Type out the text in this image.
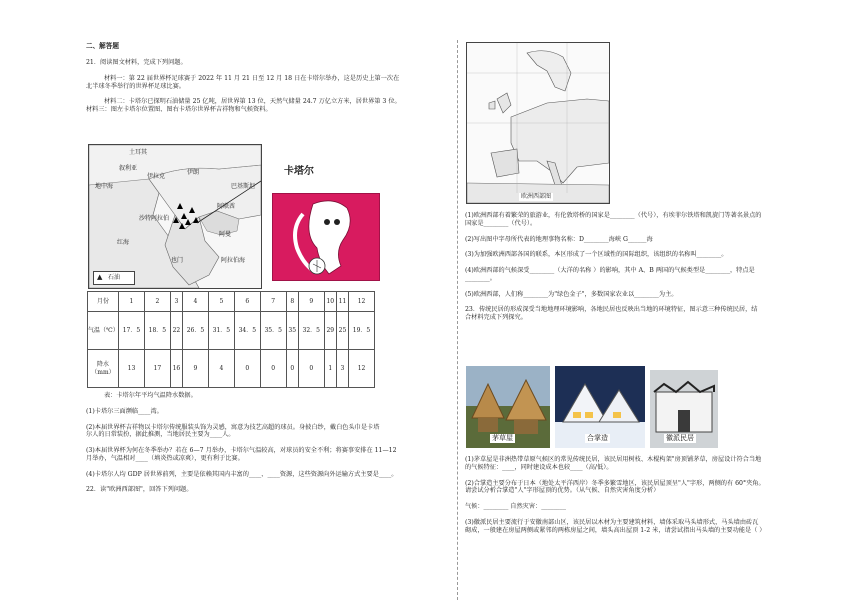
二、解答题

21．阅读图文材料，完成下列问题。

材料一：第 22 届世界杯足球赛于 2022 年 11 月 21 日至 12 月 18 日在卡塔尔举办，这是历史上第一次在

北半球冬季举行的世界杯足球比赛。

材料二：卡塔尔已探明石油储量 25 亿吨，居世界第 13 位，天然气储量 24.7 万亿立方米，居世界第 3 位。

材料三：图左卡塔尔位置图、图右卡塔尔世界杯吉祥物和气候资料。

土耳其
叙利亚
伊拉克
伊朗
地中海
沙特阿拉伯
阿联酋
阿曼
也门
红海
阿拉伯海
巴基斯坦
▲ 石油
卡塔尔
月份	1	2	3	4	5	6	7	8	9	10	11	12
气温（℃）	17．5	18．5	22	26．5	31．5	34．5	35．5	35	32．5	29	25	19．5
降水（mm）	13	17	16	9	4	0	0	0	0	1	3	12

表：卡塔尔年平均气温降水数据。

(1)卡塔尔三面濒临____湾。

(2)本届世界杯吉祥物以卡塔尔传统服装头饰为灵感，寓意为技艺高超的球员。身披白纱，戴白色头巾是卡塔

尔人的日常装扮，据此推测，当地居民主要为____人。

(3)本届世界杯为何在冬季举办？若在 6—7 月举办，卡塔尔气温较高，对球员的安全不利；将赛事安排在 11—12

月举办，气温相对____（填炎热或凉爽），更有利于比赛。

(4)卡塔尔人均 GDP 居世界前列，主要是依赖其国内丰富的____、____资源，这些资源向外运输方式主要是____。

22．读"欧洲西部图"，回答下列问题。

欧洲西部图

(1)欧洲西部有着繁荣的旅游业，有伦敦塔桥的国家是________（代号），有埃菲尔铁塔和凯旋门等著名景点的

国家是________（代号）。

(2)写出图中字母所代表的地理事物名称：D________海峡 G______海

(3)为加强欧洲西部各国的联系，本区形成了一个区域性的国际组织，该组织的名称叫________。

(4)欧洲西部的气候深受________（大洋的名称 ）的影响，其中 A、B 两国的气候类型是________，特点是

________。

(5)欧洲西部，人们称________为"绿色金子"，多数国家农业以________为主。

23．传统民居的形成深受当地地理环境影响，各地民居也反映出当地的环境特征，图示意三种传统民居，结

合材料完成下列探究。

茅草屋	合掌造	徽派民居

(1)茅草屋是非洲热带草原气候区的常见传统民居，该民居用树枝、木棍构架"房顶铺茅草，房屋设计符合当地

的气候特征：____，同时建设成本也较____（高/低）。

(2)合掌造主要分布于日本（地处太平洋西岸）冬季多繁雪地区，该民居屋顶呈"人"字形，两侧的有 60°夹角。

请尝试分析合掌造"人"字形屋顶的优势。（从气候、自然灾害角度分析）

气候：________ 自然灾害：________

(3)徽派民居主要流行于安徽南部山区，该民居以木材为主要建筑材料，墙体采取马头墙形式，马头墙由砖瓦

砌成，一般建在房屋两侧或紧邻的两栋房屋之间，墙头高出屋顶 1-2 米，请尝试指出马头墙的主要功能是（ ）
